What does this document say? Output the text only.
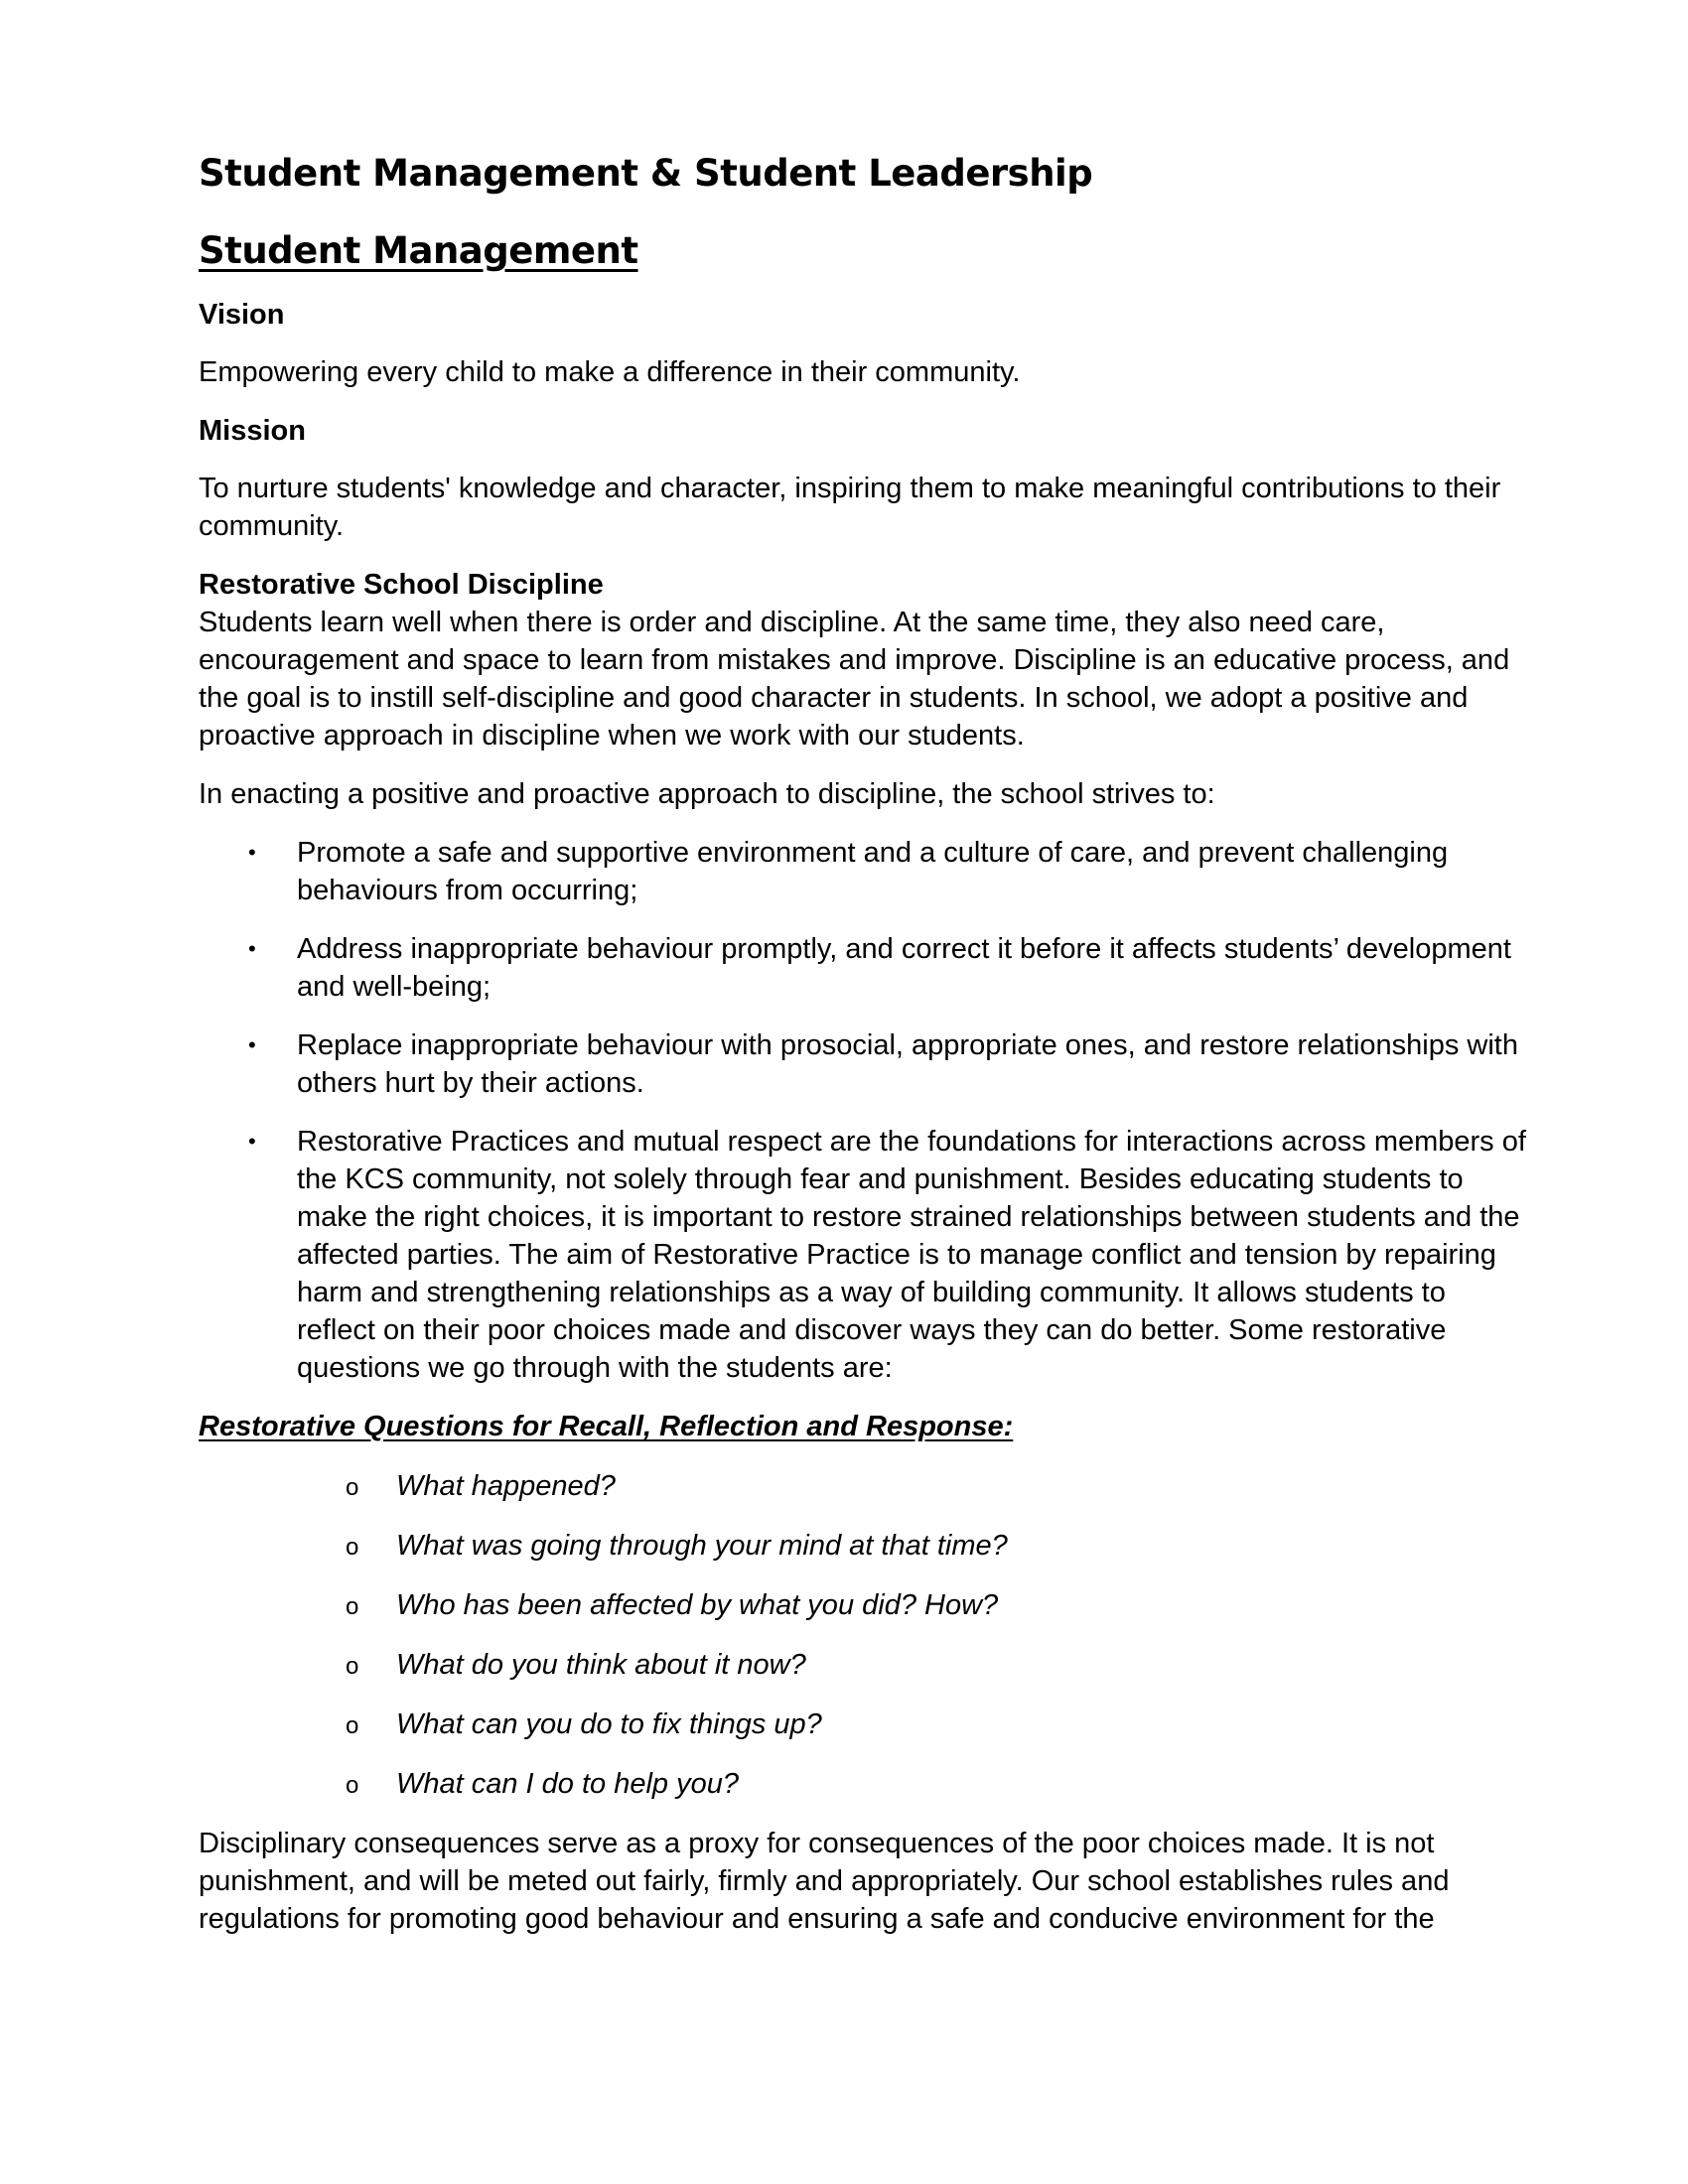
Student Management & Student Leadership
Student Management
Vision

Empowering every child to make a difference in their community.

Mission

To nurture students' knowledge and character, inspiring them to make meaningful contributions to their community.

Restorative School Discipline

Students learn well when there is order and discipline. At the same time, they also need care, encouragement and space to learn from mistakes and improve. Discipline is an educative process, and the goal is to instill self-discipline and good character in students. In school, we adopt a positive and proactive approach in discipline when we work with our students.

In enacting a positive and proactive approach to discipline, the school strives to:

• Promote a safe and supportive environment and a culture of care, and prevent challenging behaviours from occurring;
• Address inappropriate behaviour promptly, and correct it before it affects students’ development and well-being;
• Replace inappropriate behaviour with prosocial, appropriate ones, and restore relationships with others hurt by their actions.
• Restorative Practices and mutual respect are the foundations for interactions across members of the KCS community, not solely through fear and punishment. Besides educating students to make the right choices, it is important to restore strained relationships between students and the affected parties. The aim of Restorative Practice is to manage conflict and tension by repairing harm and strengthening relationships as a way of building community. It allows students to reflect on their poor choices made and discover ways they can do better. Some restorative questions we go through with the students are:
Restorative Questions for Recall, Reflection and Response:
o What happened?
o What was going through your mind at that time?
o Who has been affected by what you did? How?
o What do you think about it now?
o What can you do to fix things up?
o What can I do to help you?

Disciplinary consequences serve as a proxy for consequences of the poor choices made. It is not punishment, and will be meted out fairly, firmly and appropriately. Our school establishes rules and regulations for promoting good behaviour and ensuring a safe and conducive environment for the
